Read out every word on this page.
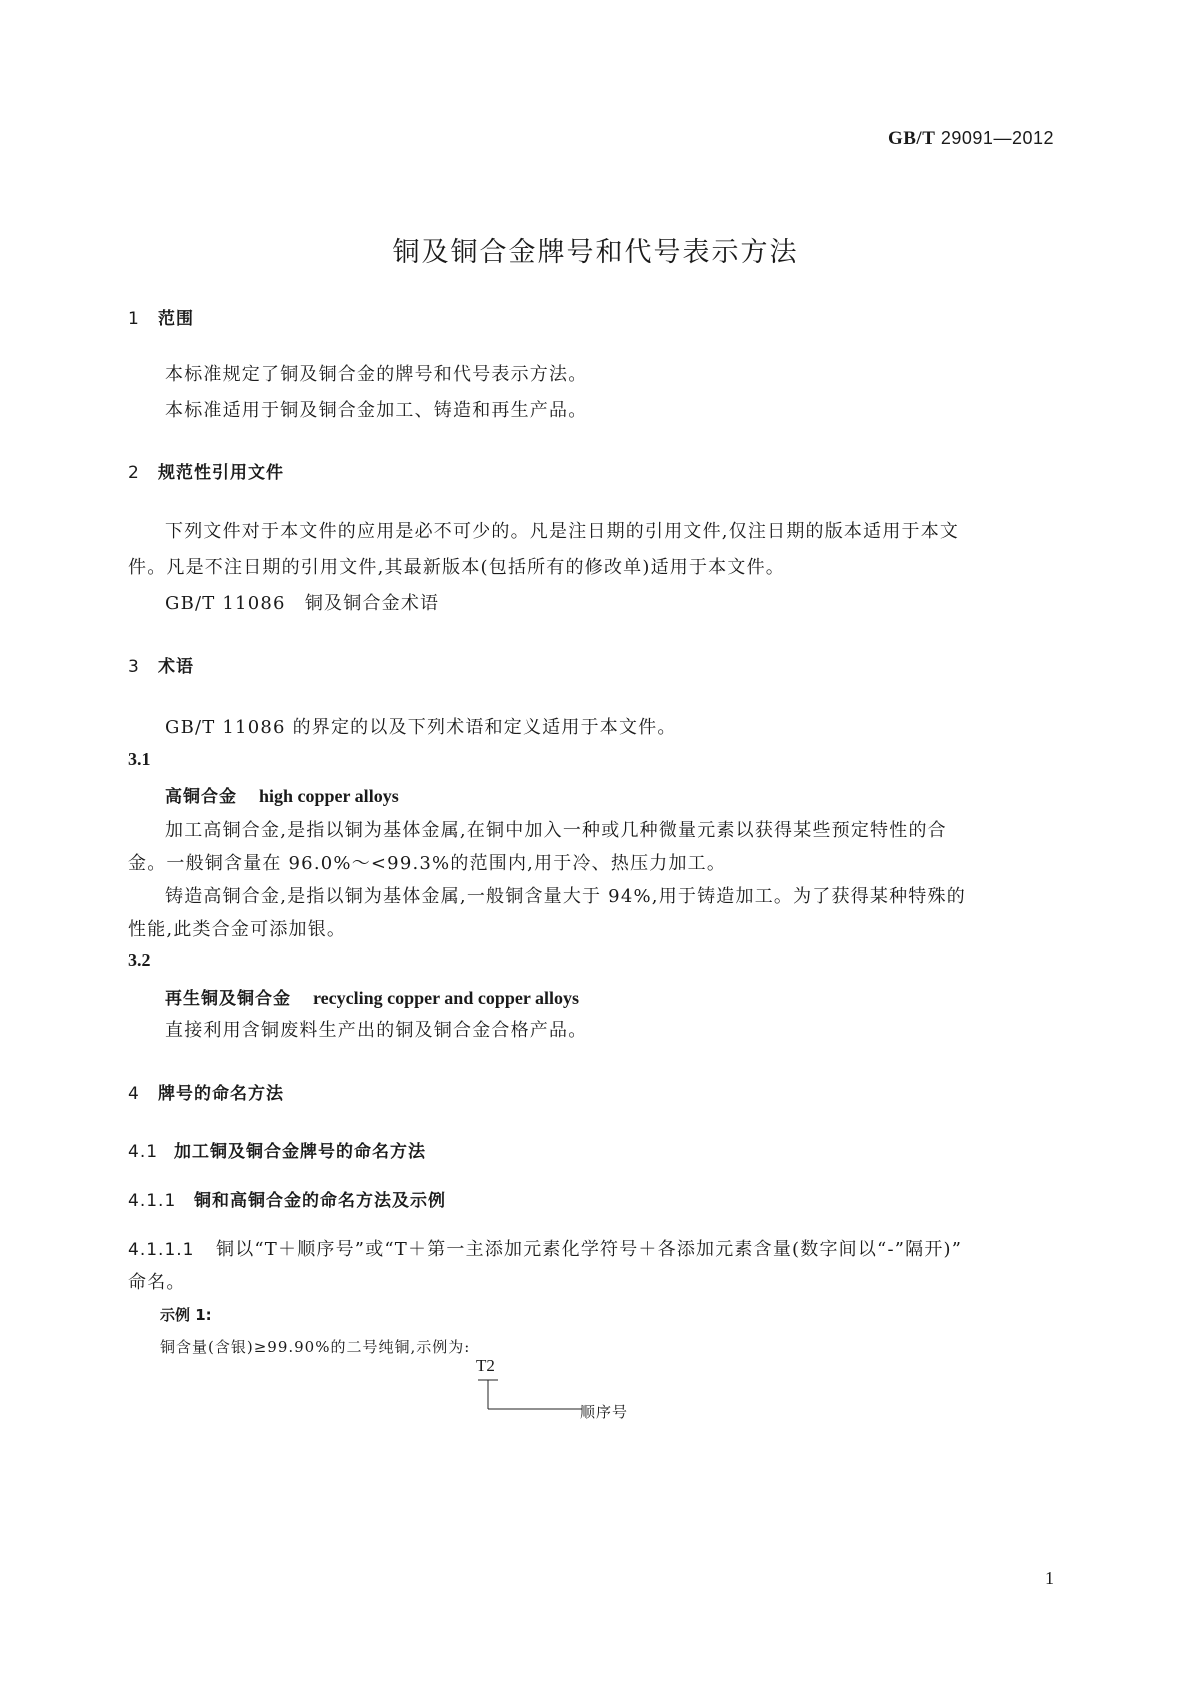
GB/T 29091—2012
铜及铜合金牌号和代号表示方法
1 范围
本标准规定了铜及铜合金的牌号和代号表示方法。
本标准适用于铜及铜合金加工、铸造和再生产品。
2 规范性引用文件
下列文件对于本文件的应用是必不可少的。凡是注日期的引用文件,仅注日期的版本适用于本文
件。凡是不注日期的引用文件,其最新版本(包括所有的修改单)适用于本文件。
GB/T 11086　铜及铜合金术语
3 术语
GB/T 11086 的界定的以及下列术语和定义适用于本文件。
3.1
高铜合金 high copper alloys
加工高铜合金,是指以铜为基体金属,在铜中加入一种或几种微量元素以获得某些预定特性的合
金。一般铜含量在 96.0%～<99.3%的范围内,用于冷、热压力加工。
铸造高铜合金,是指以铜为基体金属,一般铜含量大于 94%,用于铸造加工。为了获得某种特殊的
性能,此类合金可添加银。
3.2
再生铜及铜合金 recycling copper and copper alloys
直接利用含铜废料生产出的铜及铜合金合格产品。
4 牌号的命名方法
4.1 加工铜及铜合金牌号的命名方法
4.1.1 铜和高铜合金的命名方法及示例
4.1.1.1 铜以“T＋顺序号”或“T＋第一主添加元素化学符号＋各添加元素含量(数字间以“-”隔开)”
命名。
示例 1:
铜含量(含银)≥99.90%的二号纯铜,示例为:
T2
顺序号
1
